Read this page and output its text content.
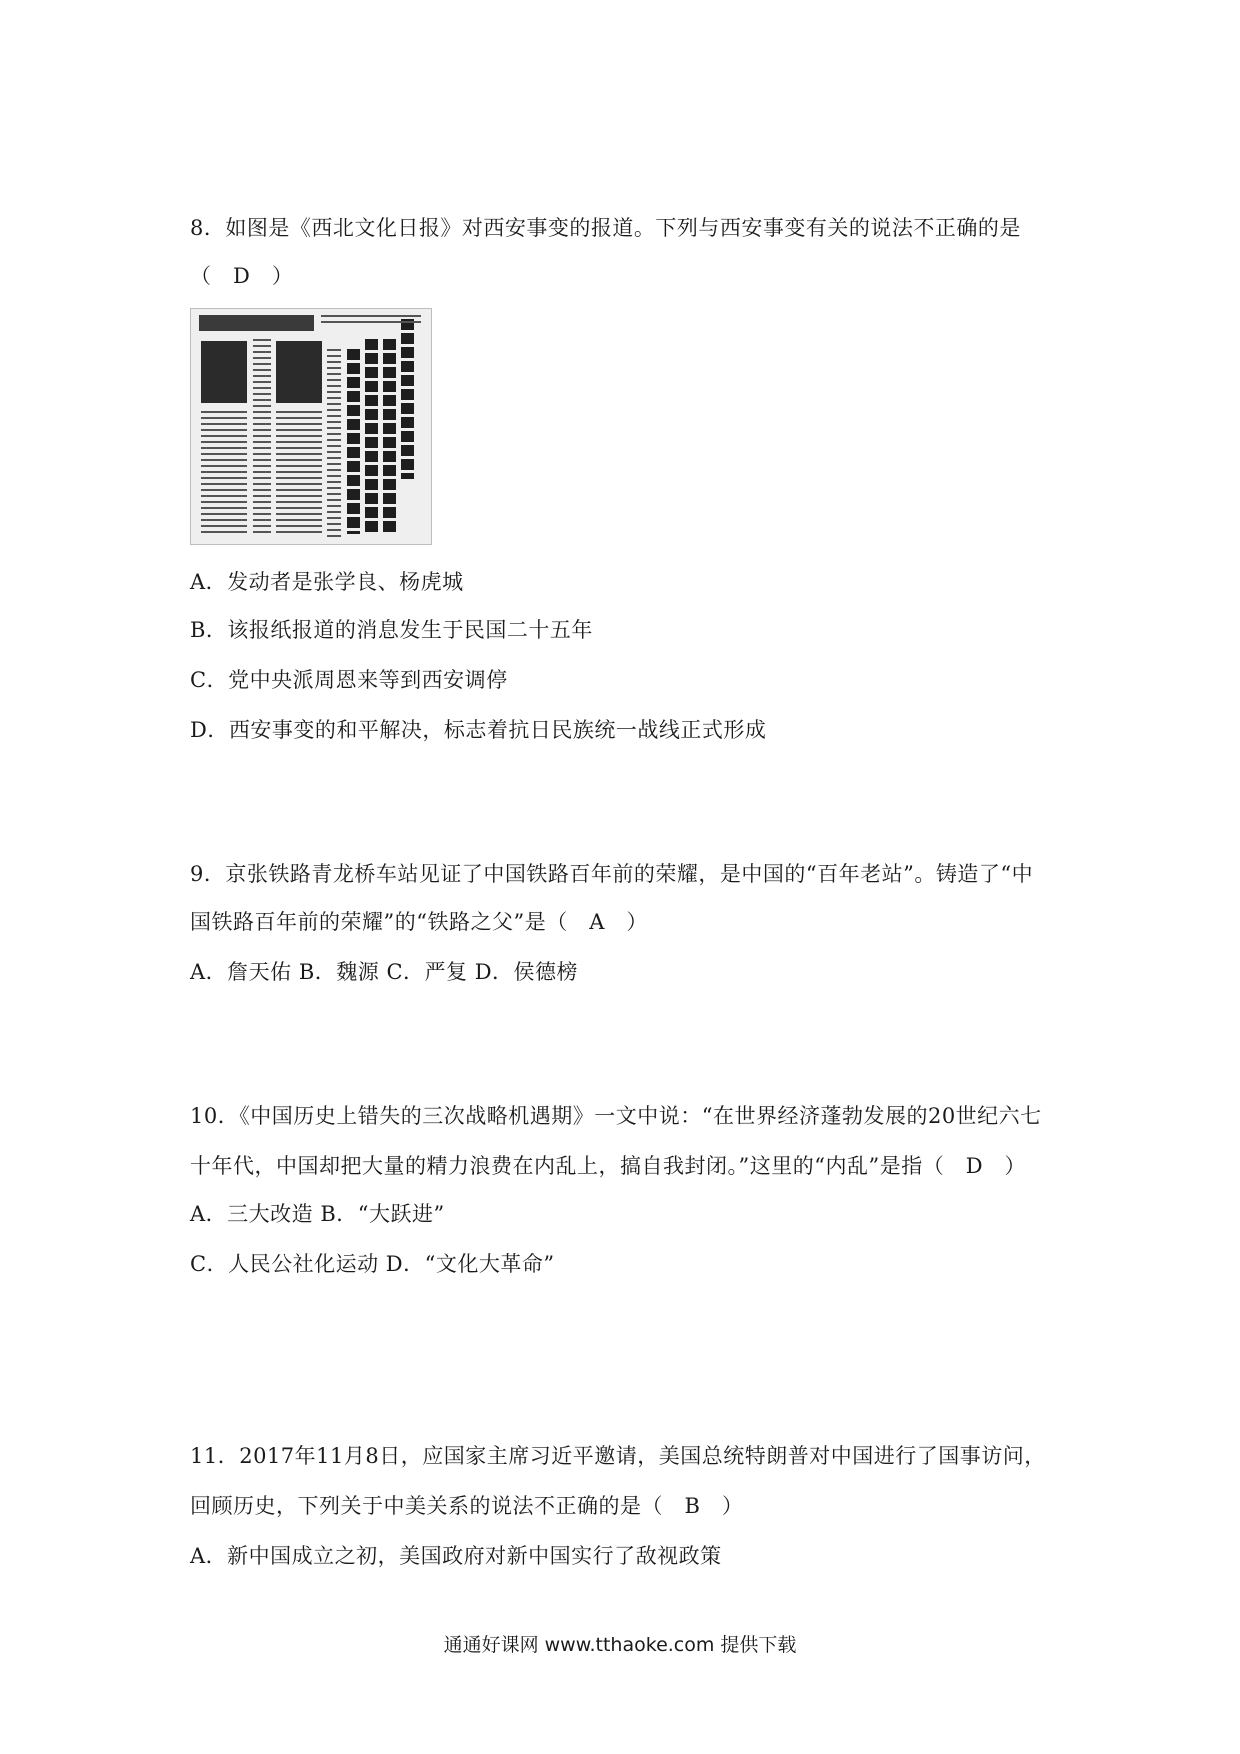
8．如图是《西北文化日报》对西安事变的报道。下列与西安事变有关的说法不正确的是
（　D　）
A．发动者是张学良、杨虎城
B．该报纸报道的消息发生于民国二十五年
C．党中央派周恩来等到西安调停
D．西安事变的和平解决，标志着抗日民族统一战线正式形成
9．京张铁路青龙桥车站见证了中国铁路百年前的荣耀，是中国的“百年老站”。铸造了“中
国铁路百年前的荣耀”的“铁路之父”是（　A　）
A．詹天佑 B．魏源 C．严复 D．侯德榜
10．《中国历史上错失的三次战略机遇期》一文中说：“在世界经济蓬勃发展的20世纪六七
十年代，中国却把大量的精力浪费在内乱上，搞自我封闭。”这里的“内乱”是指（　D　）
A．三大改造 B．“大跃进”
C．人民公社化运动 D．“文化大革命”
11．2017年11月8日，应国家主席习近平邀请，美国总统特朗普对中国进行了国事访问，
回顾历史，下列关于中美关系的说法不正确的是（　B　）
A．新中国成立之初，美国政府对新中国实行了敌视政策
通通好课网 www.tthaoke.com 提供下载
